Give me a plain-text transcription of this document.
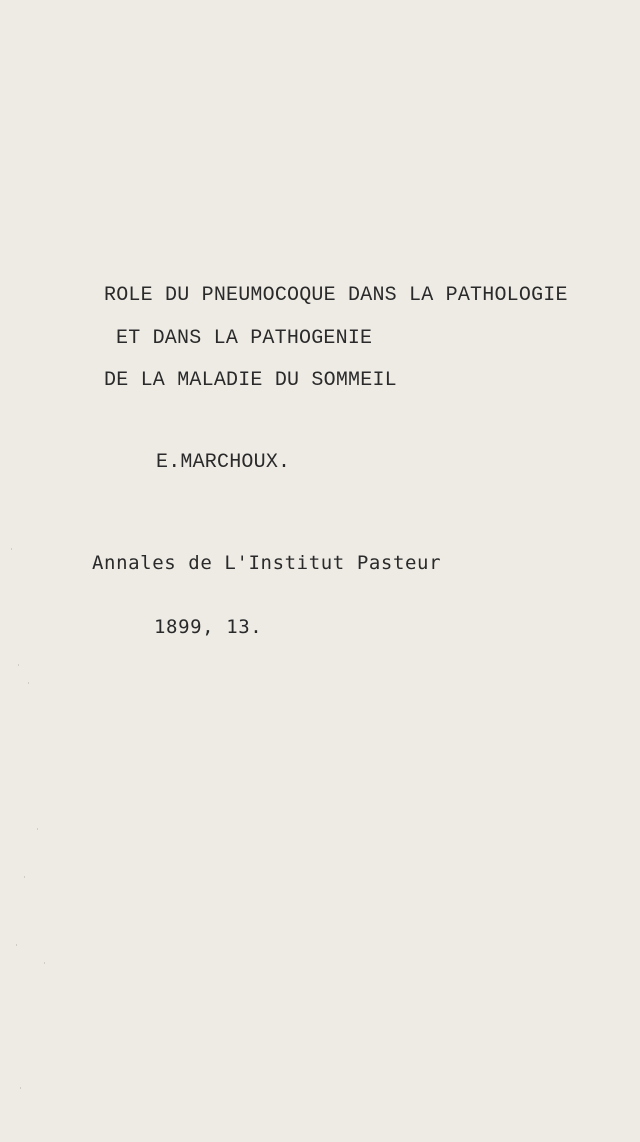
ROLE DU PNEUMOCOQUE DANS LA PATHOLOGIE
ET DANS LA PATHOGENIE
DE LA MALADIE DU SOMMEIL
E.MARCHOUX.
Annales de L'Institut Pasteur
1899, 13.
